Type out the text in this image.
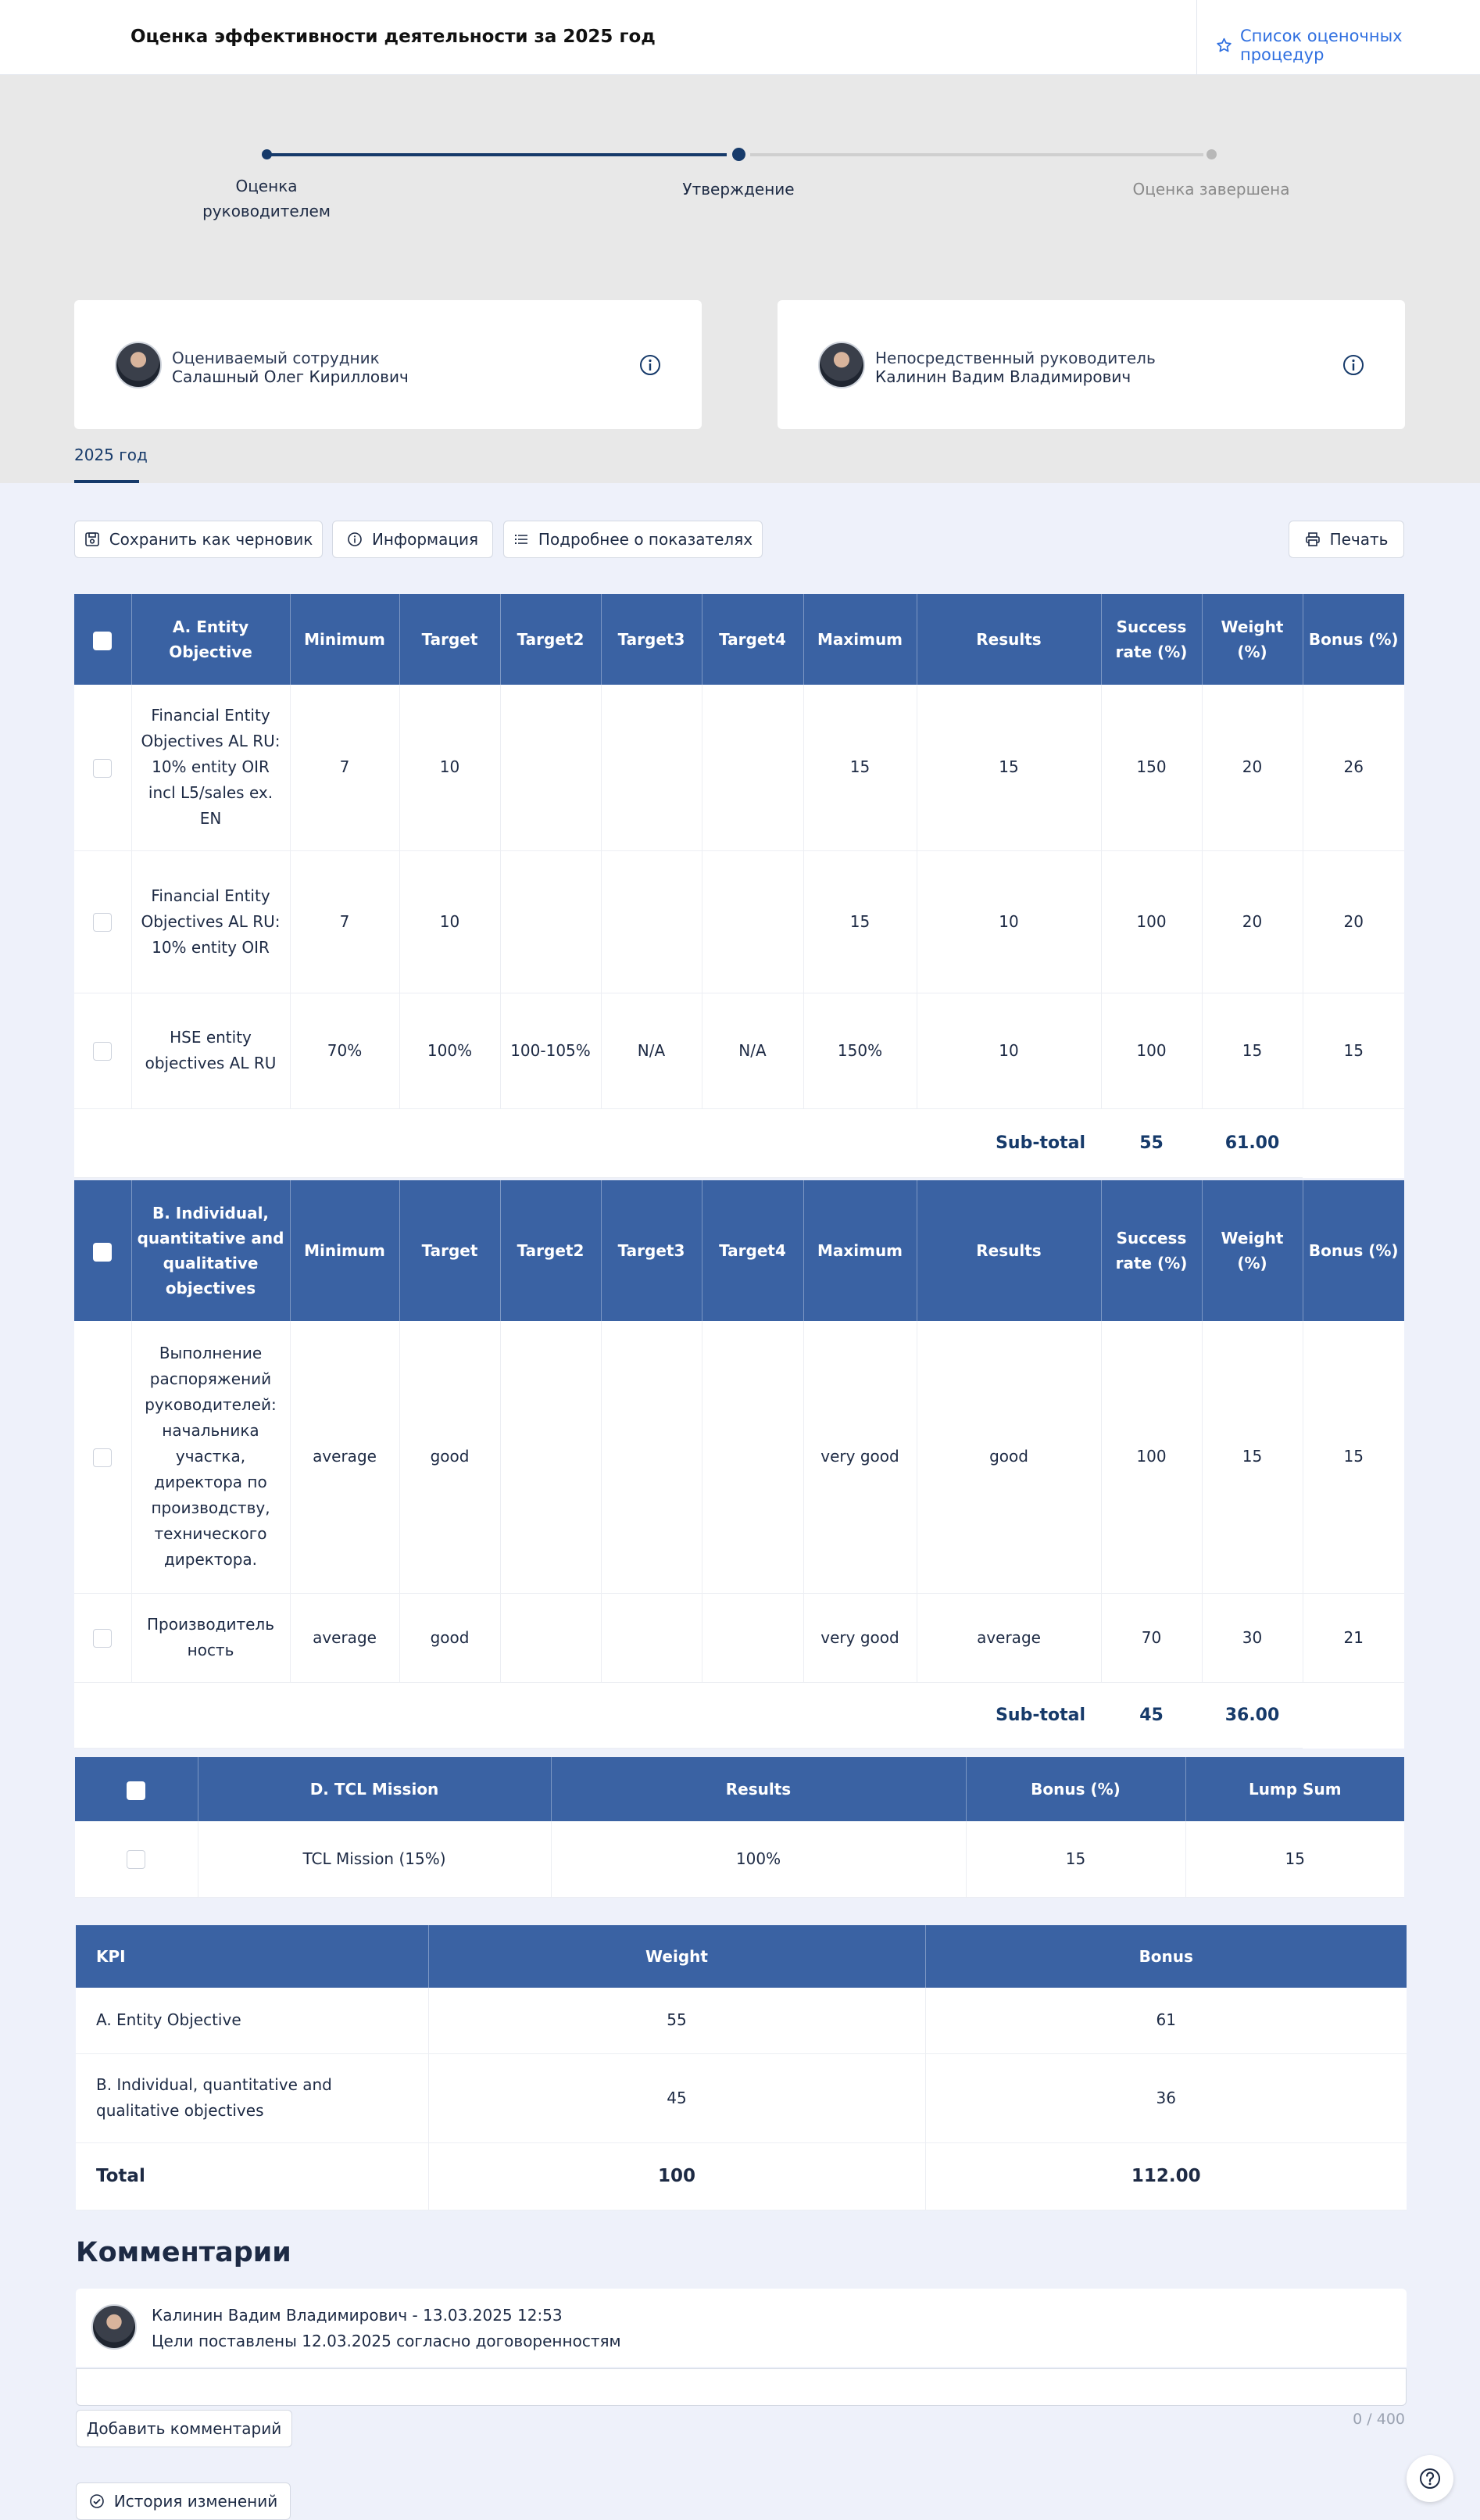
Оценка эффективности деятельности за 2025 год	Список оценочных процедур
Оценка руководителем
Утверждение	Оценка завершена
Оцениваемый сотрудник
Салашный Олег Кириллович
Непосредственный руководитель
Калинин Вадим Владимирович
2025 год
Сохранить как черновик	Информация	Подробнее о показателях	Печать
	A. Entity Objective	Minimum	Target	Target2	Target3	Target4	Maximum	Results	Success rate (%)	Weight (%)	Bonus (%)
	Financial Entity Objectives AL RU: 10% entity OIR incl L5/sales ex. EN	7	10				15	15	150	20	26
	Financial Entity Objectives AL RU: 10% entity OIR	7	10				15	10	100	20	20
	HSE entity objectives AL RU	70%	100%	100-105%	N/A	N/A	150%	10	100	15	15
Sub-total									55	61.00	
	B. Individual, quantitative and qualitative objectives	Minimum	Target	Target2	Target3	Target4	Maximum	Results	Success rate (%)	Weight (%)	Bonus (%)
	Выполнение распоряжений руководителей: начальника участка, директора по производству, технического директора.	average	good				very good	good	100	15	15
	Производитель ность	average	good				very good	average	70	30	21
Sub-total									45	36.00	
	D. TCL Mission	Results	Bonus (%)	Lump Sum
	TCL Mission (15%)	100%	15	15
KPI	Weight	Bonus
A. Entity Objective	55	61
B. Individual, quantitative and qualitative objectives	45	36
Total	100	112.00
Комментарии
Калинин Вадим Владимирович - 13.03.2025 12:53
Цели поставлены 12.03.2025 согласно договоренностям
0 / 400
Добавить комментарий
История изменений
